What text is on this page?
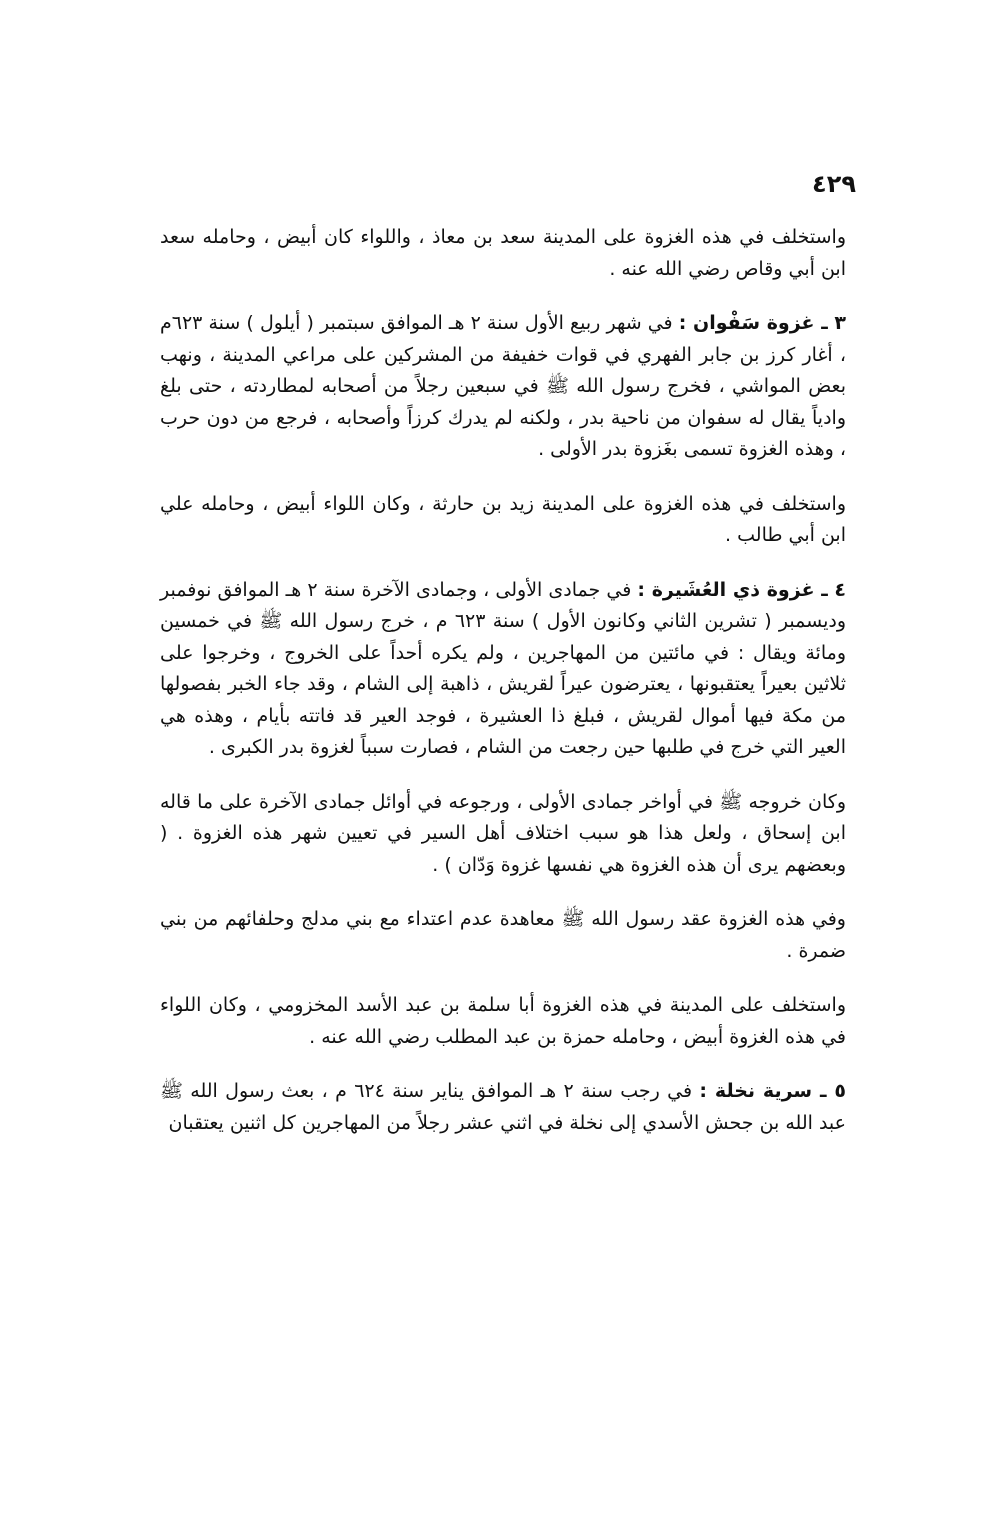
٤٢٩

واستخلف في هذه الغزوة على المدينة سعد بن معاذ ، واللواء كان أبيض ، وحامله سعد ابن أبي وقاص رضي الله عنه .

٣ ـ غزوة سَفْوان : في شهر ربيع الأول سنة ٢ هـ الموافق سبتمبر ( أيلول ) سنة ٦٢٣م ، أغار كرز بن جابر الفهري في قوات خفيفة من المشركين على مراعي المدينة ، ونهب بعض المواشي ، فخرج رسول الله ﷺ في سبعين رجلاً من أصحابه لمطاردته ، حتى بلغ وادياً يقال له سفوان من ناحية بدر ، ولكنه لم يدرك كرزاً وأصحابه ، فرجع من دون حرب ، وهذه الغزوة تسمى بغَزوة بدر الأولى .

واستخلف في هذه الغزوة على المدينة زيد بن حارثة ، وكان اللواء أبيض ، وحامله علي ابن أبي طالب .

٤ ـ غزوة ذي العُشَيرة : في جمادى الأولى ، وجمادى الآخرة سنة ٢ هـ الموافق نوفمبر وديسمبر ( تشرين الثاني وكانون الأول ) سنة ٦٢٣ م ، خرج رسول الله ﷺ في خمسين ومائة ويقال : في مائتين من المهاجرين ، ولم يكره أحداً على الخروج ، وخرجوا على ثلاثين بعيراً يعتقبونها ، يعترضون عيراً لقريش ، ذاهبة إلى الشام ، وقد جاء الخبر بفصولها من مكة فيها أموال لقريش ، فبلغ ذا العشيرة ، فوجد العير قد فاتته بأيام ، وهذه هي العير التي خرج في طلبها حين رجعت من الشام ، فصارت سبباً لغزوة بدر الكبرى .

وكان خروجه ﷺ في أواخر جمادى الأولى ، ورجوعه في أوائل جمادى الآخرة على ما قاله ابن إسحاق ، ولعل هذا هو سبب اختلاف أهل السير في تعيين شهر هذه الغزوة . ( وبعضهم يرى أن هذه الغزوة هي نفسها غزوة وَدّان ) .

وفي هذه الغزوة عقد رسول الله ﷺ معاهدة عدم اعتداء مع بني مدلج وحلفائهم من بني ضمرة .

واستخلف على المدينة في هذه الغزوة أبا سلمة بن عبد الأسد المخزومي ، وكان اللواء في هذه الغزوة أبيض ، وحامله حمزة بن عبد المطلب رضي الله عنه .

٥ ـ سرية نخلة : في رجب سنة ٢ هـ الموافق يناير سنة ٦٢٤ م ، بعث رسول الله ﷺ عبد الله بن جحش الأسدي إلى نخلة في اثني عشر رجلاً من المهاجرين كل اثنين يعتقبان
